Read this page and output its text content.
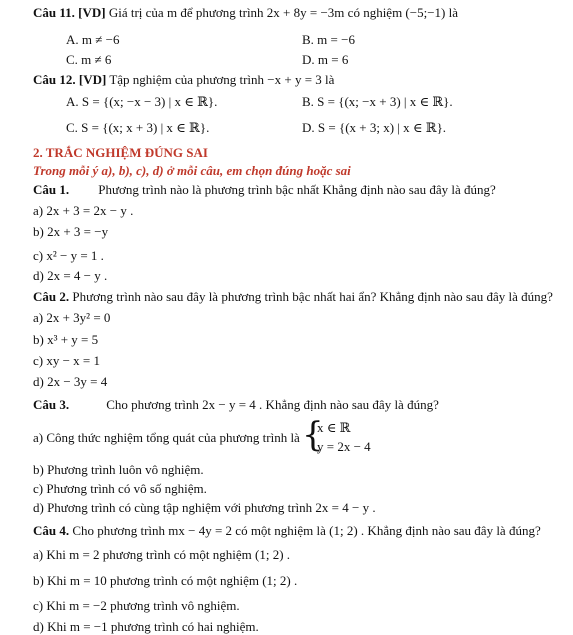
Câu 11. [VD] Giá trị của m để phương trình 2x + 8y = −3m có nghiệm (−5;−1) là
A. m ≠ −6	B. m = −6
C. m ≠ 6	D. m = 6
Câu 12. [VD] Tập nghiệm của phương trình −x + y = 3 là
A. S = {(x; −x − 3) | x ∈ ℝ}.	B. S = {(x; −x + 3) | x ∈ ℝ}.
C. S = {(x; x + 3) | x ∈ ℝ}.	D. S = {(x + 3; x) | x ∈ ℝ}.
2. TRẮC NGHIỆM ĐÚNG SAI
Trong mỗi ý a), b), c), d) ở mỗi câu, em chọn đúng hoặc sai
Câu 1. Phương trình nào là phương trình bậc nhất Khẳng định nào sau đây là đúng?
a) 2x + 3 = 2x − y .
b) 2x + 3 = −y
c) x² − y = 1 .
d) 2x = 4 − y .
Câu 2. Phương trình nào sau đây là phương trình bậc nhất hai ẩn? Khẳng định nào sau đây là đúng?
a) 2x + 3y² = 0
b) x³ + y = 5
c) xy − x = 1
d) 2x − 3y = 4
Câu 3.	Cho phương trình 2x − y = 4 . Khẳng định nào sau đây là đúng?
a) Công thức nghiệm tổng quát của phương trình là {
x ∈ ℝ
y = 2x − 4
b) Phương trình luôn vô nghiệm.
c) Phương trình có vô số nghiệm.
d) Phương trình có cùng tập nghiệm với phương trình 2x = 4 − y .
Câu 4. Cho phương trình mx − 4y = 2 có một nghiệm là (1; 2) . Khẳng định nào sau đây là đúng?
a) Khi m = 2 phương trình có một nghiệm (1; 2) .
b) Khi m = 10 phương trình có một nghiệm (1; 2) .
c) Khi m = −2 phương trình vô nghiệm.
d) Khi m = −1 phương trình có hai nghiệm.
